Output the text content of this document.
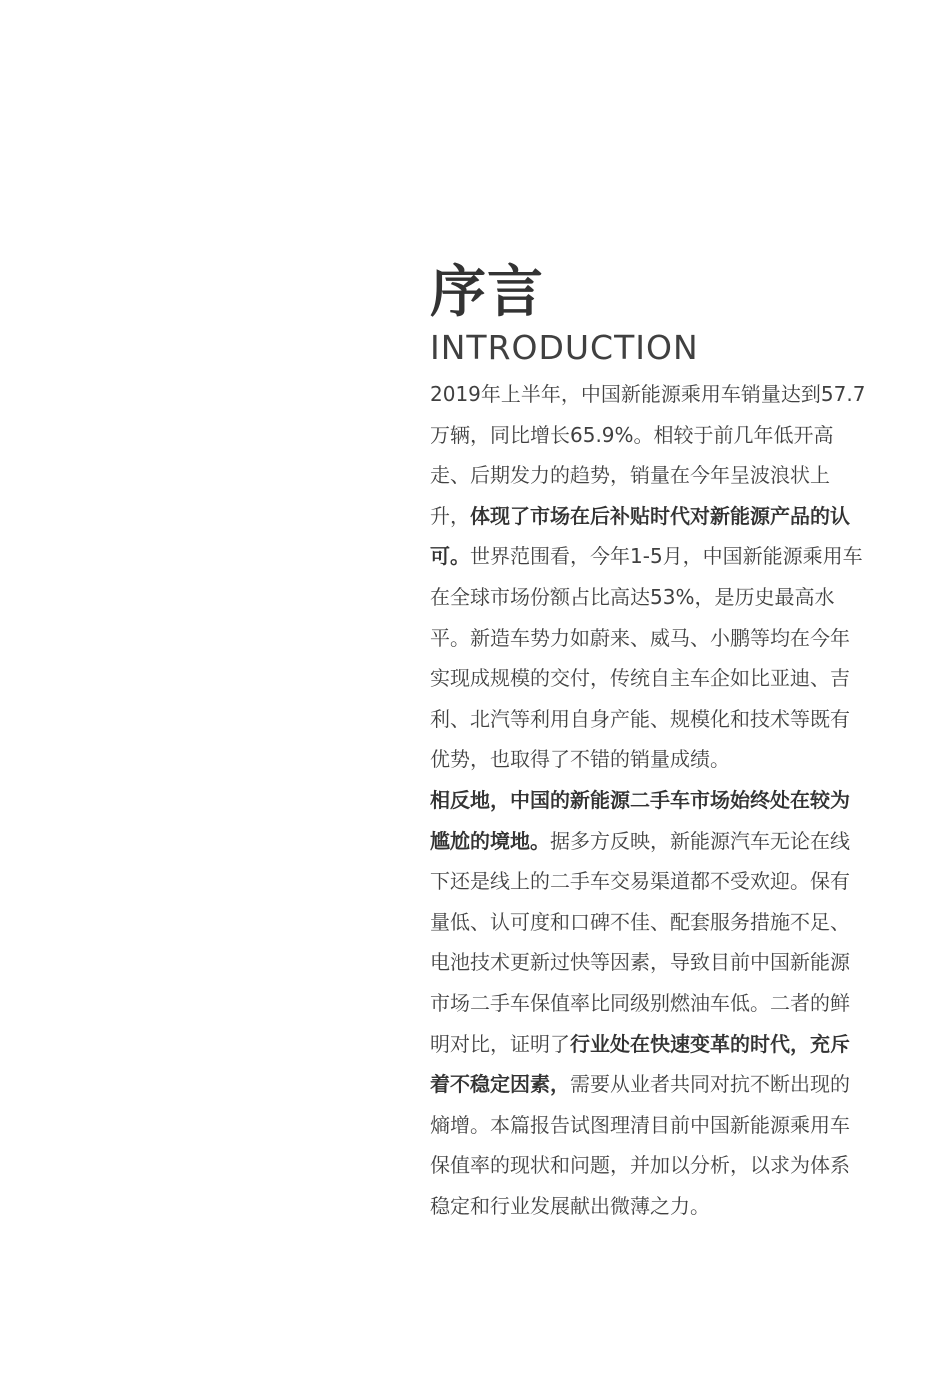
序言
INTRODUCTION

2019年上半年，中国新能源乘用车销量达到57.7万辆，同比增长65.9%。相较于前几年低开高走、后期发力的趋势，销量在今年呈波浪状上升，体现了市场在后补贴时代对新能源产品的认可。世界范围看，今年1-5月，中国新能源乘用车在全球市场份额占比高达53%，是历史最高水平。新造车势力如蔚来、威马、小鹏等均在今年实现成规模的交付，传统自主车企如比亚迪、吉利、北汽等利用自身产能、规模化和技术等既有优势，也取得了不错的销量成绩。

相反地，中国的新能源二手车市场始终处在较为尴尬的境地。据多方反映，新能源汽车无论在线下还是线上的二手车交易渠道都不受欢迎。保有量低、认可度和口碑不佳、配套服务措施不足、电池技术更新过快等因素，导致目前中国新能源市场二手车保值率比同级别燃油车低。二者的鲜明对比，证明了行业处在快速变革的时代，充斥着不稳定因素，需要从业者共同对抗不断出现的熵增。本篇报告试图理清目前中国新能源乘用车保值率的现状和问题，并加以分析，以求为体系稳定和行业发展献出微薄之力。
